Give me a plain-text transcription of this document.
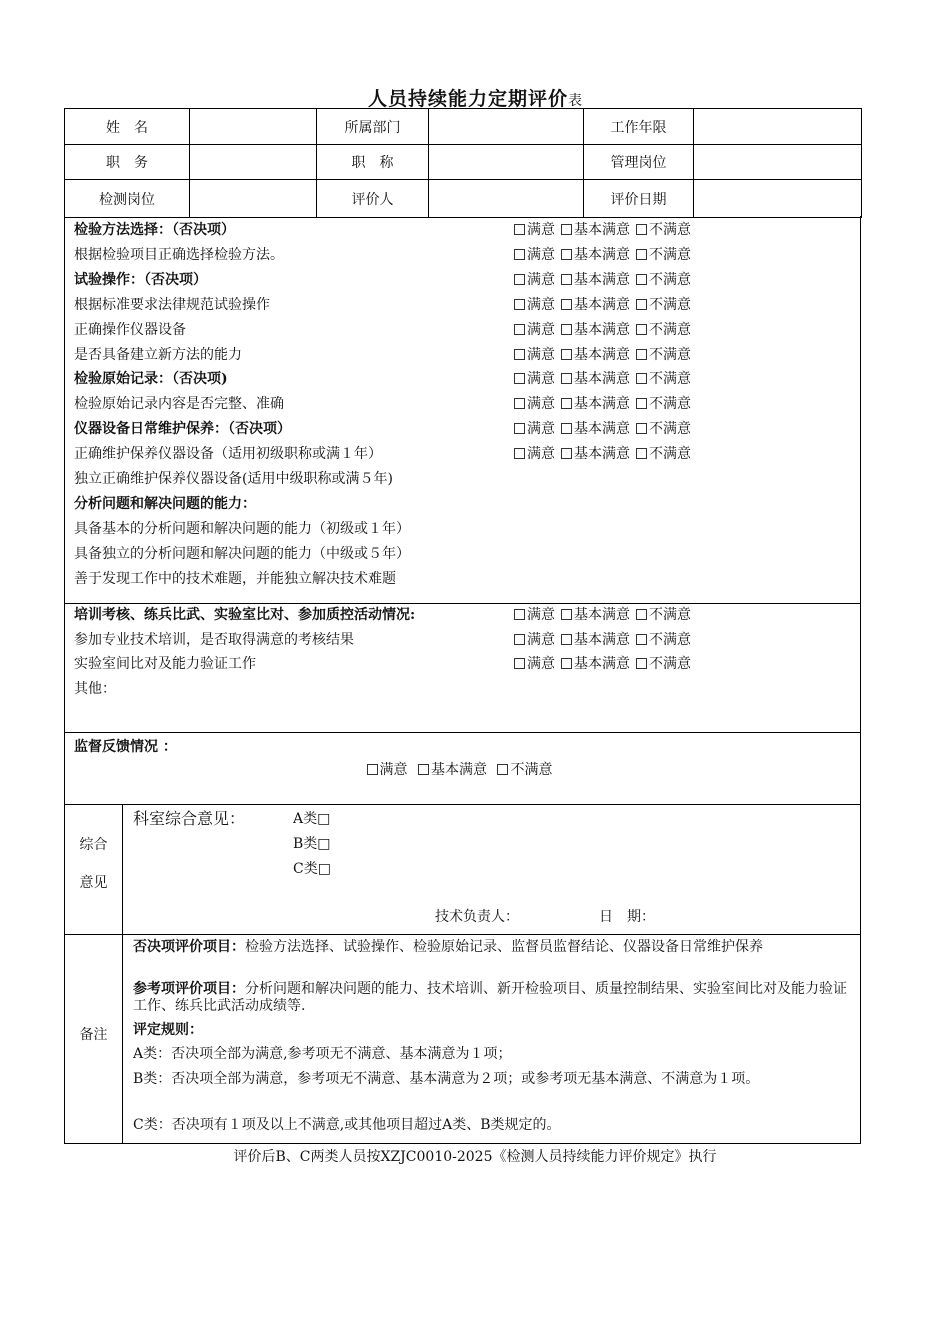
人员持续能力定期评价表
姓　名		所属部门		工作年限	
职　务		职　称		管理岗位	
检测岗位		评价人		评价日期	
检验方法选择：（否决项）	满意 基本满意 不满意
根据检验项目正确选择检验方法。	满意 基本满意 不满意
试验操作：（否决项）	满意 基本满意 不满意
根据标准要求法律规范试验操作	满意 基本满意 不满意
正确操作仪器设备	满意 基本满意 不满意
是否具备建立新方法的能力	满意 基本满意 不满意
检验原始记录：（否决项)	满意 基本满意 不满意
检验原始记录内容是否完整、准确	满意 基本满意 不满意
仪器设备日常维护保养：（否决项）	满意 基本满意 不满意
正确维护保养仪器设备（适用初级职称或满１年）	满意 基本满意 不满意
独立正确维护保养仪器设备(适用中级职称或满５年)
分析问题和解决问题的能力：
具备基本的分析问题和解决问题的能力（初级或１年）
具备独立的分析问题和解决问题的能力（中级或５年）
善于发现工作中的技术难题，并能独立解决技术难题
培训考核、练兵比武、实验室比对、参加质控活动情况:	满意 基本满意 不满意
参加专业技术培训，是否取得满意的考核结果	满意 基本满意 不满意
实验室间比对及能力验证工作	满意 基本满意 不满意
其他：
监督反馈情况 ：
满意 基本满意 不满意
综合
意见
科室综合意见：	A类□
B类□
C类□
技术负责人：	日　期：
备注
否决项评价项目：检验方法选择、试验操作、检验原始记录、监督员监督结论、仪器设备日常维护保养
参考项评价项目：分析问题和解决问题的能力、技术培训、新开检验项目、质量控制结果、实验室间比对及能力验证工作、练兵比武活动成绩等.
评定规则：
A类：否决项全部为满意,参考项无不满意、基本满意为１项；
B类：否决项全部为满意，参考项无不满意、基本满意为２项；或参考项无基本满意、不满意为１项。
C类：否决项有１项及以上不满意,或其他项目超过A类、B类规定的。
评价后B、C两类人员按XZJC0010-2025《检测人员持续能力评价规定》执行
